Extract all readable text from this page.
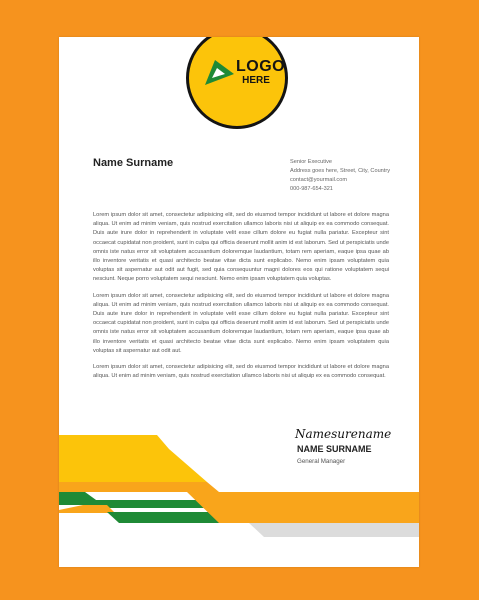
LOGO
HERE
Name Surname	Senior Executive
Address goes here, Street, City, Country
contact@yourmail.com
000-987-654-321

Lorem ipsum dolor sit amet, consectetur adipisicing elit, sed do eiusmod tempor incididunt ut labore et dolore magna aliqua. Ut enim ad minim veniam, quis nostrud exercitation ullamco laboris nisi ut aliquip ex ea commodo consequat. Duis aute irure dolor in reprehenderit in voluptate velit esse cillum dolore eu fugiat nulla pariatur. Excepteur sint occaecat cupidatat non proident, sunt in culpa qui officia deserunt mollit anim id est laborum. Sed ut perspiciatis unde omnis iste natus error sit voluptatem accusantium doloremque laudantium, totam rem aperiam, eaque ipsa quae ab illo inventore veritatis et quasi architecto beatae vitae dicta sunt explicabo. Nemo enim ipsam voluptatem quia voluptas sit aspernatur aut odit aut fugit, sed quia consequuntur magni dolores eos qui ratione voluptatem sequi nesciunt. Neque porro voluptatem sequi nesciunt. Nemo enim ipsam voluptatem quia voluptas.

Lorem ipsum dolor sit amet, consectetur adipisicing elit, sed do eiusmod tempor incididunt ut labore et dolore magna aliqua. Ut enim ad minim veniam, quis nostrud exercitation ullamco laboris nisi ut aliquip ex ea commodo consequat. Duis aute irure dolor in reprehenderit in voluptate velit esse cillum dolore eu fugiat nulla pariatur. Excepteur sint occaecat cupidatat non proident, sunt in culpa qui officia deserunt mollit anim id est laborum. Sed ut perspiciatis unde omnis iste natus error sit voluptatem accusantium doloremque laudantium, totam rem aperiam, eaque ipsa quae ab illo inventore veritatis et quasi architecto beatae vitae dicta sunt explicabo. Nemo enim ipsam voluptatem quia voluptas sit aspernatur aut odit aut.

Lorem ipsum dolor sit amet, consectetur adipisicing elit, sed do eiusmod tempor incididunt ut labore et dolore magna aliqua. Ut enim ad minim veniam, quis nostrud exercitation ullamco laboris nisi ut aliquip ex ea commodo consequat.

Namesurename
NAME SURNAME
General Manager
